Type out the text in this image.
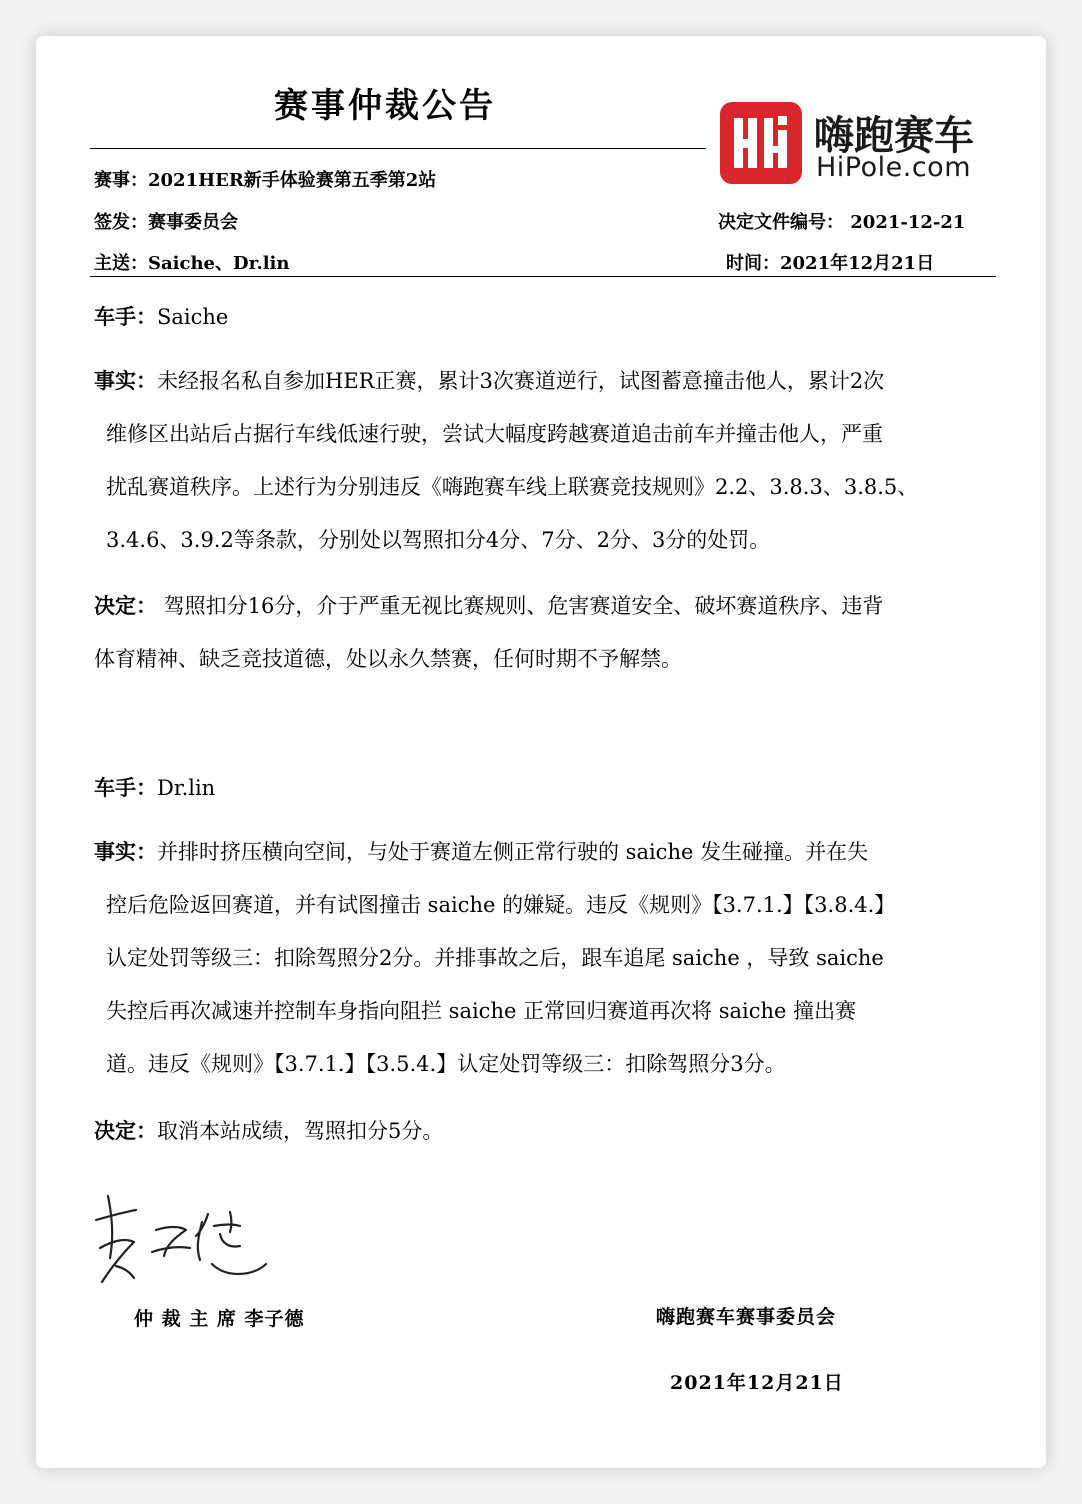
赛事仲裁公告
嗨跑赛车
HiPole.com
赛事：2021HER新手体验赛第五季第2站
签发：赛事委员会	决定文件编号： 2021-12-21
主送：Saiche、Dr.lin	时间：2021年12月21日
车手：Saiche
事实：未经报名私自参加HER正赛，累计3次赛道逆行，试图蓄意撞击他人，累计2次
维修区出站后占据行车线低速行驶，尝试大幅度跨越赛道追击前车并撞击他人，严重
扰乱赛道秩序。上述行为分别违反《嗨跑赛车线上联赛竞技规则》2.2、3.8.3、3.8.5、
3.4.6、3.9.2等条款，分别处以驾照扣分4分、7分、2分、3分的处罚。
决定： 驾照扣分16分，介于严重无视比赛规则、危害赛道安全、破坏赛道秩序、违背
体育精神、缺乏竞技道德，处以永久禁赛，任何时期不予解禁。
车手：Dr.lin
事实：并排时挤压横向空间，与处于赛道左侧正常行驶的 saiche 发生碰撞。并在失
控后危险返回赛道，并有试图撞击 saiche 的嫌疑。违反《规则》【3.7.1.】【3.8.4.】
认定处罚等级三：扣除驾照分2分。并排事故之后，跟车追尾 saiche ，导致 saiche
失控后再次减速并控制车身指向阻拦 saiche 正常回归赛道再次将 saiche 撞出赛
道。违反《规则》【3.7.1.】【3.5.4.】认定处罚等级三：扣除驾照分3分。
决定：取消本站成绩，驾照扣分5分。
仲 裁 主 席 李子德	嗨跑赛车赛事委员会
2021年12月21日
